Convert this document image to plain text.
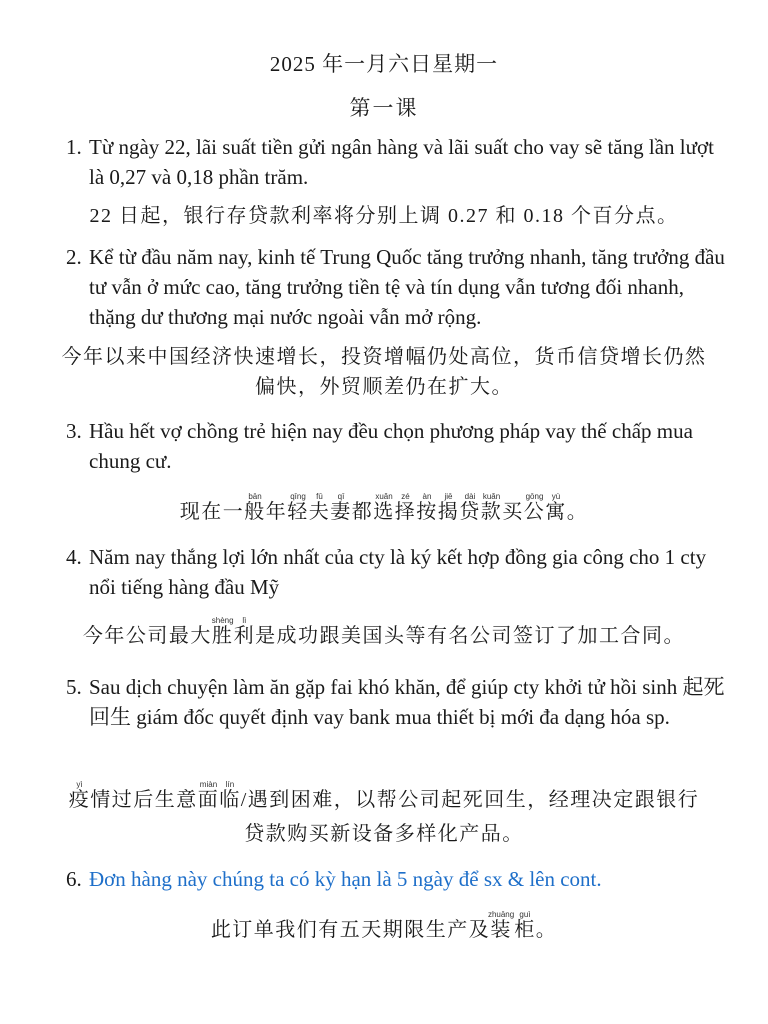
2025 年一月六日星期一
第一课
1. Từ ngày 22, lãi suất tiền gửi ngân hàng và lãi suất cho vay sẽ tăng lần lượt là 0,27 và 0,18 phần trăm.
22 日起，银行存贷款利率将分别上调 0.27 和 0.18 个百分点。
2. Kể từ đầu năm nay, kinh tế Trung Quốc tăng trưởng nhanh, tăng trưởng đầu tư vẫn ở mức cao, tăng trưởng tiền tệ và tín dụng vẫn tương đối nhanh, thặng dư thương mại nước ngoài vẫn mở rộng.
今年以来中国经济快速增长，投资增幅仍处高位，货币信贷增长仍然偏快，外贸顺差仍在扩大。
3. Hầu hết vợ chồng trẻ hiện nay đều chọn phương pháp vay thế chấp mua chung cư.
现在一般bān年轻qīng夫fū妻qī都选xuǎn择zé按àn揭jiē贷dài款kuǎn买公gōng寓yù。
4. Năm nay thắng lợi lớn nhất của cty là ký kết hợp đồng gia công cho 1 cty nổi tiếng hàng đầu Mỹ
今年公司最大胜shèng利lì是成功跟美国头等有名公司签订了加工合同。
5. Sau dịch chuyện làm ăn gặp fai khó khăn, để giúp cty khởi tử hồi sinh 起死回生 giám đốc quyết định vay bank mua thiết bị mới đa dạng hóa sp.
疫yì情过后生意面miàn临lín/遇到困难，以帮公司起死回生，经理决定跟银行贷款购买新设备多样化产品。
6. Đơn hàng này chúng ta có kỳ hạn là 5 ngày để sx & lên cont.
此订单我们有五天期限生产及装zhuāng柜guì。
